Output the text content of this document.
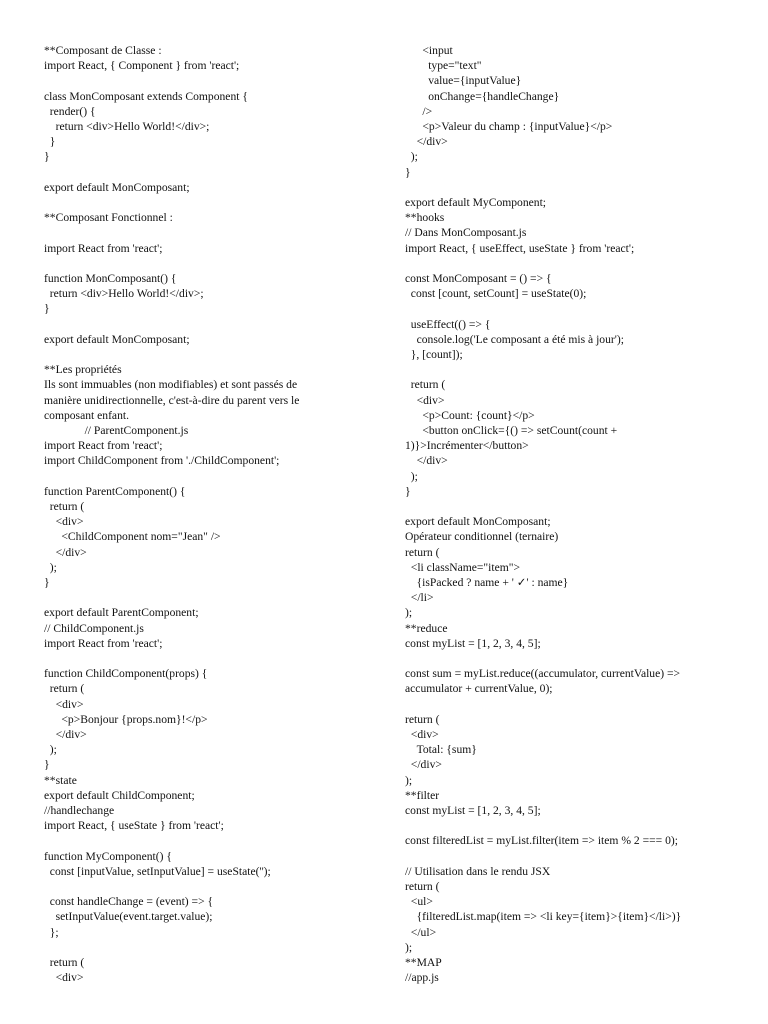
**Composant de Classe :
import React, { Component } from 'react';
class MonComposant extends Component {
render() {
return <div>Hello World!</div>;
}
}
export default MonComposant;
**Composant Fonctionnel :
import React from 'react';
function MonComposant() {
return <div>Hello World!</div>;
}
export default MonComposant;
**Les propriétés
Ils sont immuables (non modifiables) et sont passés de
manière unidirectionnelle, c'est-à-dire du parent vers le
composant enfant.
// ParentComponent.js
import React from 'react';
import ChildComponent from './ChildComponent';
function ParentComponent() {
return (
<div>
<ChildComponent nom="Jean" />
</div>
);
}
export default ParentComponent;
// ChildComponent.js
import React from 'react';
function ChildComponent(props) {
return (
<div>
<p>Bonjour {props.nom}!</p>
</div>
);
}
**state
export default ChildComponent;
//handlechange
import React, { useState } from 'react';
function MyComponent() {
const [inputValue, setInputValue] = useState('');
const handleChange = (event) => {
setInputValue(event.target.value);
};
return (
<div>
<input
type="text"
value={inputValue}
onChange={handleChange}
/>
<p>Valeur du champ : {inputValue}</p>
</div>
);
}
export default MyComponent;
**hooks
// Dans MonComposant.js
import React, { useEffect, useState } from 'react';
const MonComposant = () => {
const [count, setCount] = useState(0);
useEffect(() => {
console.log('Le composant a été mis à jour');
}, [count]);
return (
<div>
<p>Count: {count}</p>
<button onClick={() => setCount(count +
1)}>Incrémenter</button>
</div>
);
}
export default MonComposant;
Opérateur conditionnel (ternaire)
return (
<li className="item">
{isPacked ? name + ' ✓' : name}
</li>
);
**reduce
const myList = [1, 2, 3, 4, 5];
const sum = myList.reduce((accumulator, currentValue) =>
accumulator + currentValue, 0);
return (
<div>
Total: {sum}
</div>
);
**filter
const myList = [1, 2, 3, 4, 5];
const filteredList = myList.filter(item => item % 2 === 0);
// Utilisation dans le rendu JSX
return (
<ul>
{filteredList.map(item => <li key={item}>{item}</li>)}
</ul>
);
**MAP
//app.js
